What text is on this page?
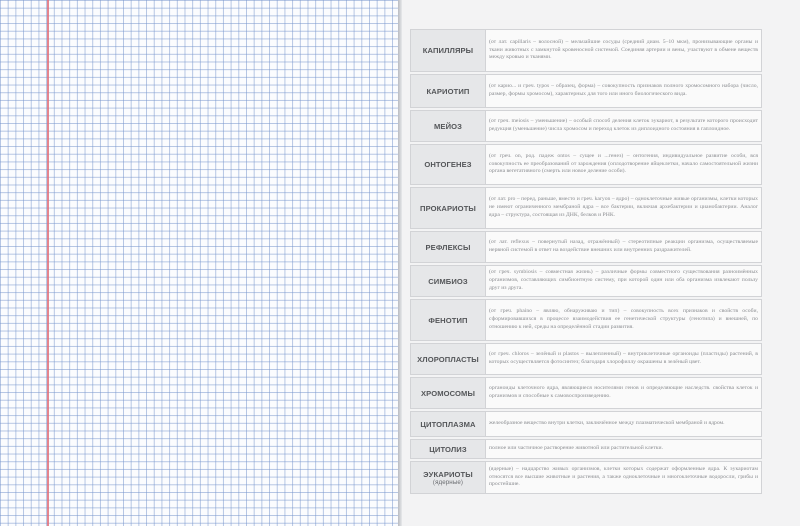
КАПИЛЛЯРЫ	(от лат. capillaris – волосной) – мельчайшие сосуды (средний диам. 5–10 мкм), пронизывающие органы и ткани животных с замкнутой кровеносной системой. Соединяя артерии и вены, участвуют в обмене веществ между кровью и тканями.
КАРИОТИП	(от карио... и греч. typos – образец, форма) – совокупность признаков полного хромосомного набора (число, размер, формы хромосом), характерных для того или иного биологического вида.
МЕЙОЗ	(от греч. meiosis – уменьшение) – особый способ деления клеток эукариот, в результате которого происходит редукция (уменьшение) числа хромосом и переход клеток из диплоидного состояния в гаплоидное.
ОНТОГЕНЕЗ	(от греч. on, род. падеж ontos – сущее и ...генез) – онтогения, индивидуальное развитие особи, вся совокупность ее преобразований от зарождения (оплодотворение яйцеклетки, начало самостоятельной жизни органа вегетативного (смерть или новое деление особи).
ПРОКАРИОТЫ	(от лат. pro – перед, раньше, вместо и греч. karyon – ядро) – одноклеточные живые организмы, клетки которых не имеют ограниченного мембраной ядра – все бактерии, включая архебактерии и цианобактерии. Аналог ядра – структура, состоящая из ДНК, белков и РНК.
РЕФЛЕКСЫ	(от лат. reflexus – повернутый назад, отражённый) – стереотипные реакции организма, осуществляемые нервной системой в ответ на воздействие внешних или внутренних раздражителей.
СИМБИОЗ	(от греч. symbiosis – совместная жизнь) – различные формы совместного существования разноимённых организмов, составляющих симбионтную систему, при которой один или оба организма извлекают пользу друг из друга.
ФЕНОТИП	(от греч. phaino – являю, обнаруживаю и тип) – совокупность всех признаков и свойств особи, сформировавшихся в процессе взаимодействия ее генетической структуры (генотипа) и внешней, по отношению к ней, среды на определённой стадии развития.
ХЛОРОПЛАСТЫ	(от греч. chloros – зелёный и plastos – вылепленный) – внутриклеточные органоиды (пластиды) растений, в которых осуществляется фотосинтез; благодаря хлорофиллу окрашены в зелёный цвет.
ХРОМОСОМЫ	органоиды клеточного ядра, являющиеся носителями генов и определяющие наследств. свойства клеток и организмов и способные к самовоспроизведению.
ЦИТОПЛАЗМА	желеобразное вещество внутри клетки, заключённое между плазматической мембраной и ядром.
ЦИТОЛИЗ	полное или частичное растворение животной или растительной клетки.
ЭУКАРИОТЫ
(ядерные)	(ядерные) – надцарство живых организмов, клетки которых содержат оформленные ядра. К эукариотам относятся все высшие животные и растения, а также одноклеточные и многоклеточные водоросли, грибы и простейшие.
